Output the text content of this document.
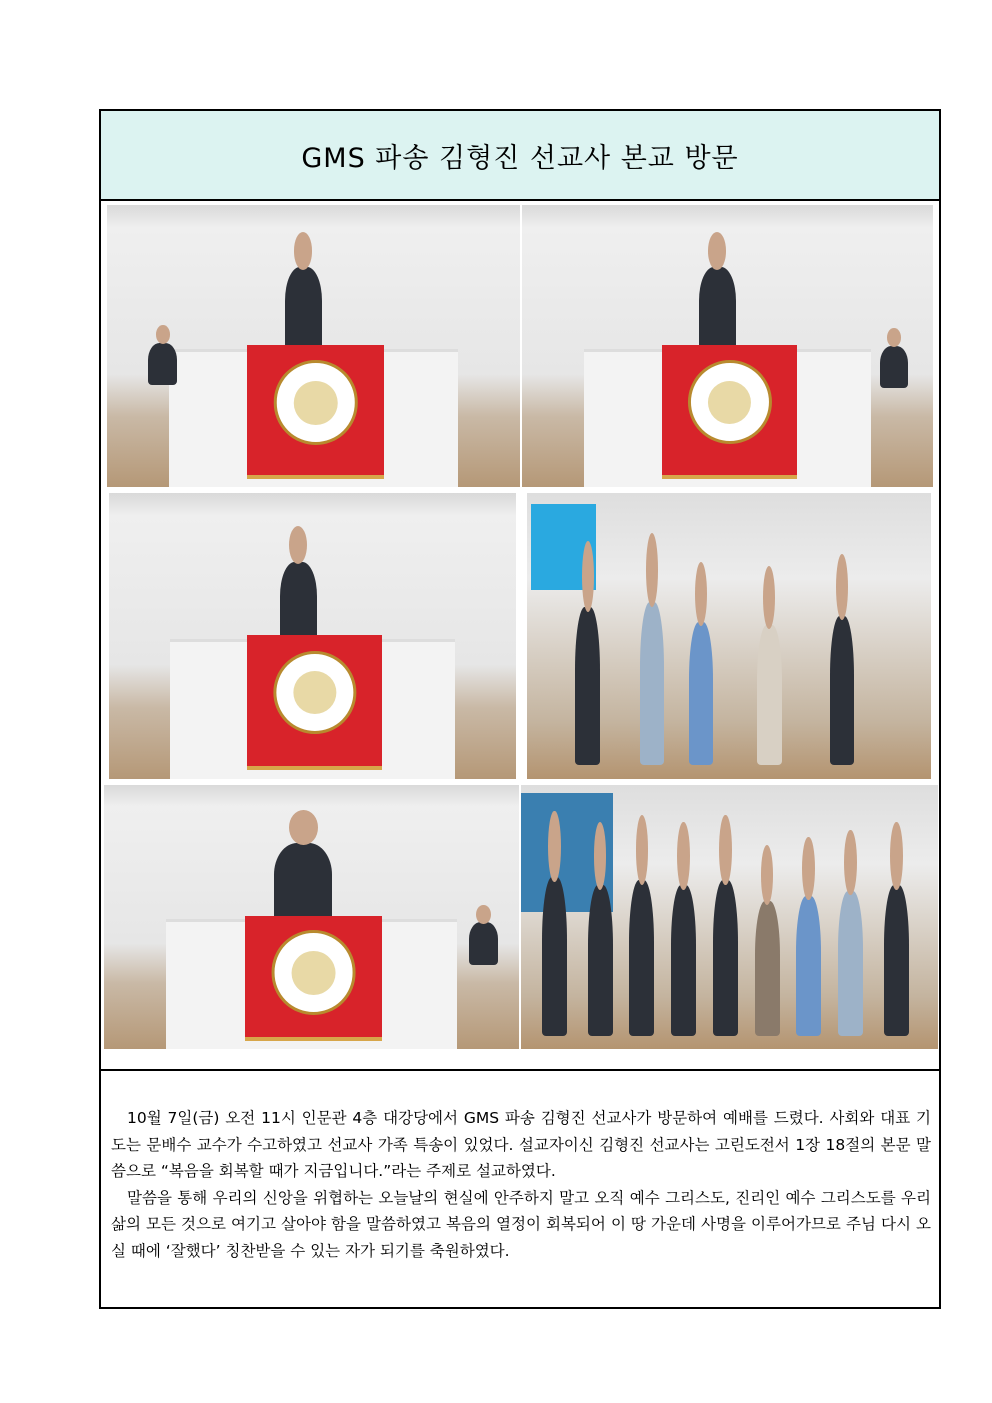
GMS 파송 김형진 선교사 본교 방문

10월 7일(금) 오전 11시 인문관 4층 대강당에서 GMS 파송 김형진 선교사가 방문하여 예배를 드렸다. 사회와 대표 기도는 문배수 교수가 수고하였고 선교사 가족 특송이 있었다. 설교자이신 김형진 선교사는 고린도전서 1장 18절의 본문 말씀으로 “복음을 회복할 때가 지금입니다.”라는 주제로 설교하였다.

말씀을 통해 우리의 신앙을 위협하는 오늘날의 현실에 안주하지 말고 오직 예수 그리스도, 진리인 예수 그리스도를 우리 삶의 모든 것으로 여기고 살아야 함을 말씀하였고 복음의 열정이 회복되어 이 땅 가운데 사명을 이루어가므로 주님 다시 오실 때에 ‘잘했다’ 칭찬받을 수 있는 자가 되기를 축원하였다.
